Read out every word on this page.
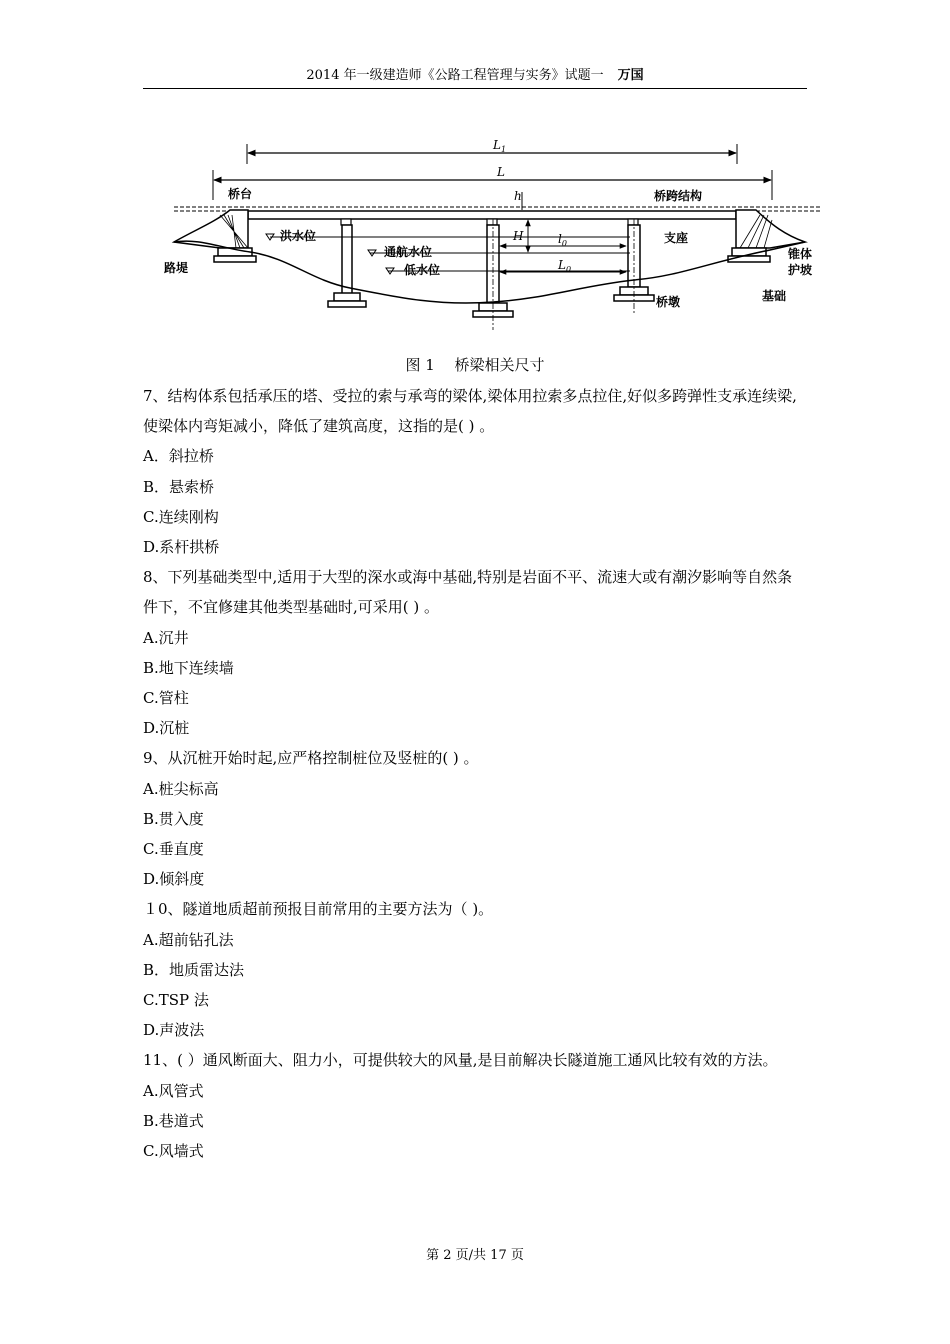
2014 年一级建造师《公路工程管理与实务》试题一 万国
$L_1$
L
h
桥台
路堤
锥体
护坡
基础
桥跨结构
支座
桥墩
洪水位
通航水位
低水位
H	$l_0$
$L_0$
图 1　 桥梁相关尺寸

7、结构体系包括承压的塔、受拉的索与承弯的梁体,梁体用拉索多点拉住,好似多跨弹性支承连续梁,使梁体内弯矩减小，降低了建筑高度，这指的是( ) 。

A．斜拉桥

B．悬索桥

C.连续刚构

D.系杆拱桥

8、下列基础类型中,适用于大型的深水或海中基础,特别是岩面不平、流速大或有潮汐影响等自然条件下，不宜修建其他类型基础时,可采用( ) 。

A.沉井

B.地下连续墙

C.管柱

D.沉桩

9、从沉桩开始时起,应严格控制桩位及竖桩的( ) 。

A.桩尖标高

B.贯入度

C.垂直度

D.倾斜度

１0、隧道地质超前预报目前常用的主要方法为（ )。

A.超前钻孔法

B．地质雷达法

C.TSP 法

D.声波法

11、( ）通风断面大、阻力小，可提供较大的风量,是目前解决长隧道施工通风比较有效的方法。

A.风管式

B.巷道式

C.风墙式

第 2 页/共 17 页
